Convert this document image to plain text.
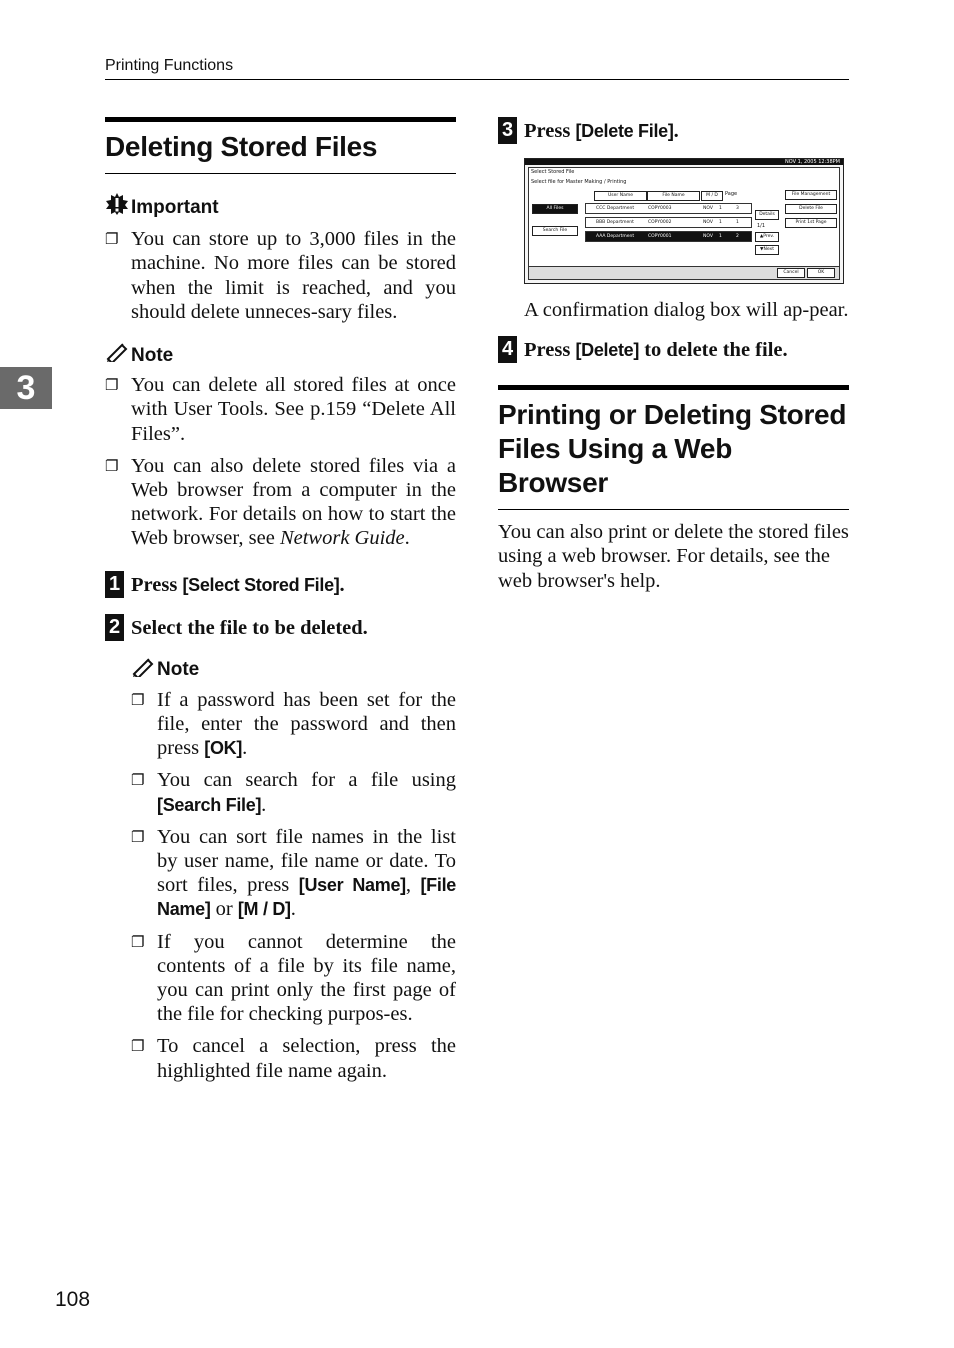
Printing Functions
3
Deleting Stored Files
Important
❐ You can store up to 3,000 files in the machine. No more files can be stored when the limit is reached, and you should delete unneces-sary files.
Note
❐ You can delete all stored files at once with User Tools. See p.159 “Delete All Files”.
❐ You can also delete stored files via a Web browser from a computer in the network. For details on how to start the Web browser, see Network Guide.
1 Press [Select Stored File].
2 Select the file to be deleted.
Note
❐ If a password has been set for the file, enter the password and then press [OK].
❐ You can search for a file using [Search File].
❐ You can sort file names in the list by user name, file name or date. To sort files, press [User Name], [File Name] or [M / D].
❐ If you cannot determine the contents of a file by its file name, you can print only the first page of the file for checking purpos-es.
❐ To cancel a selection, press the highlighted file name again.
3 Press [Delete File].
NOV 1, 2005 12:38PM
Select Stored File
Select file for Master Making / Printing
All Files
Search File
User Name	File Name	M / D	Page
CCC Department	COPY0003	NOV 1	3
BBB Department	COPY0002	NOV 1	1
AAA Department	COPY0001	NOV 1	2
Details
1/1
▲Prev.
▼Next
File Management
Delete File
Print 1st Page
Cancel	OK
A confirmation dialog box will ap-pear.
4 Press [Delete] to delete the file.
Printing or Deleting Stored Files Using a Web Browser
You can also print or delete the stored files using a web browser. For details, see the web browser's help.
108
